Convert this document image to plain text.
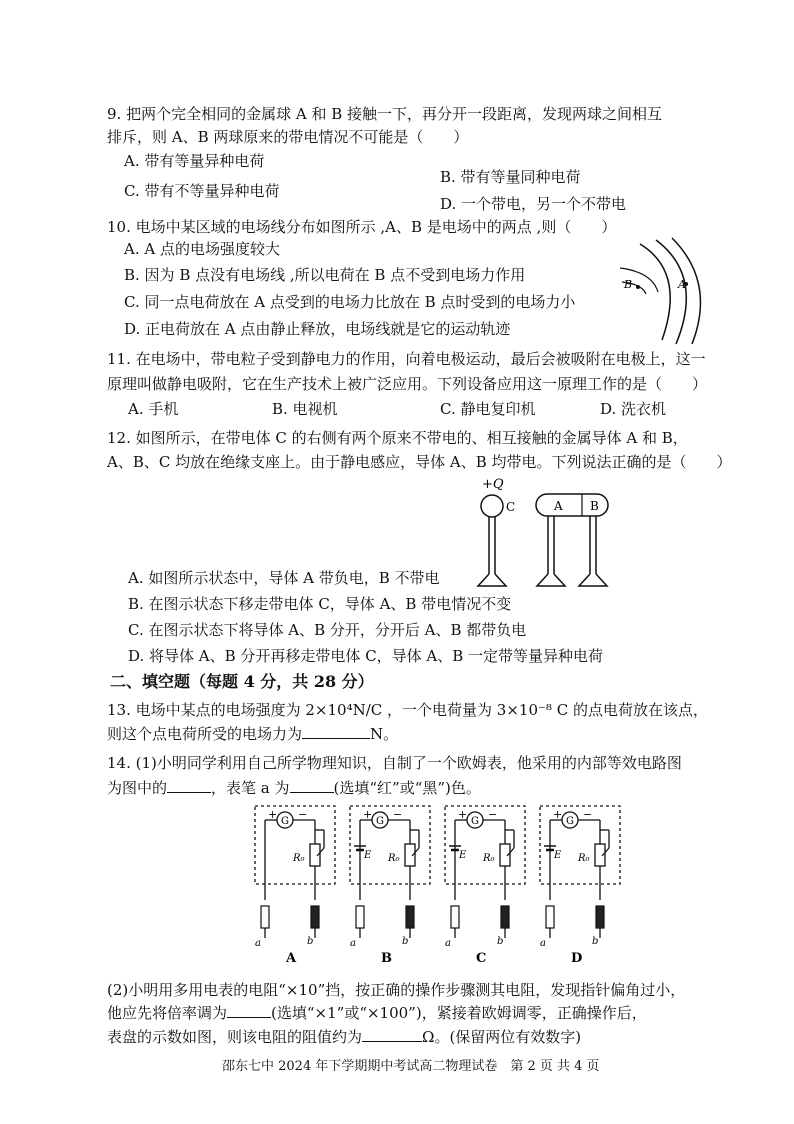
9. 把两个完全相同的金属球 A 和 B 接触一下，再分开一段距离，发现两球之间相互
排斥，则 A、B 两球原来的带电情况不可能是（　　）
A. 带有等量异种电荷
C. 带有不等量异种电荷
B. 带有等量同种电荷
D. 一个带电，另一个不带电
10. 电场中某区域的电场线分布如图所示 ,A、B 是电场中的两点 ,则（　　）
A. A 点的电场强度较大
B. 因为 B 点没有电场线 ,所以电荷在 B 点不受到电场力作用
C. 同一点电荷放在 A 点受到的电场力比放在 B 点时受到的电场力小
D. 正电荷放在 A 点由静止释放，电场线就是它的运动轨迹
B	A
11. 在电场中，带电粒子受到静电力的作用，向着电极运动，最后会被吸附在电极上，这一
原理叫做静电吸附，它在生产技术上被广泛应用。下列设备应用这一原理工作的是（　　）
A. 手机	B. 电视机	C. 静电复印机	D. 洗衣机
12. 如图所示，在带电体 C 的右侧有两个原来不带电的、相互接触的金属导体 A 和 B，
A、B、C 均放在绝缘支座上。由于静电感应，导体 A、B 均带电。下列说法正确的是（　　）
+Q
C	A B
A. 如图所示状态中，导体 A 带负电，B 不带电
B. 在图示状态下移走带电体 C，导体 A、B 带电情况不变
C. 在图示状态下将导体 A、B 分开，分开后 A、B 都带负电
D. 将导体 A、B 分开再移走带电体 C，导体 A、B 一定带等量异种电荷
二、填空题（每题 4 分，共 28 分）
13. 电场中某点的电场强度为 2×10⁴N/C ，一个电荷量为 3×10⁻⁸ C 的点电荷放在该点，
则这个点电荷所受的电场力为	N。
14. (1)小明同学利用自己所学物理知识，自制了一个欧姆表，他采用的内部等效电路图
为图中的	，表笔 a 为	(选填“红”或“黑”)色。
G
+ −
R₀
a	b
A
G
+ −
E R₀
a	b
B
G
+ −
E R₀
a	b
C
G
+ −
E R₀
a	b
D
(2)小明用多用电表的电阻“×10”挡，按正确的操作步骤测其电阻，发现指针偏角过小，
他应先将倍率调为	(选填“×1”或“×100”)，紧接着欧姆调零，正确操作后，
表盘的示数如图，则该电阻的阻值约为	Ω。(保留两位有效数字)
邵东七中 2024 年下学期期中考试高二物理试卷　第 2 页 共 4 页
